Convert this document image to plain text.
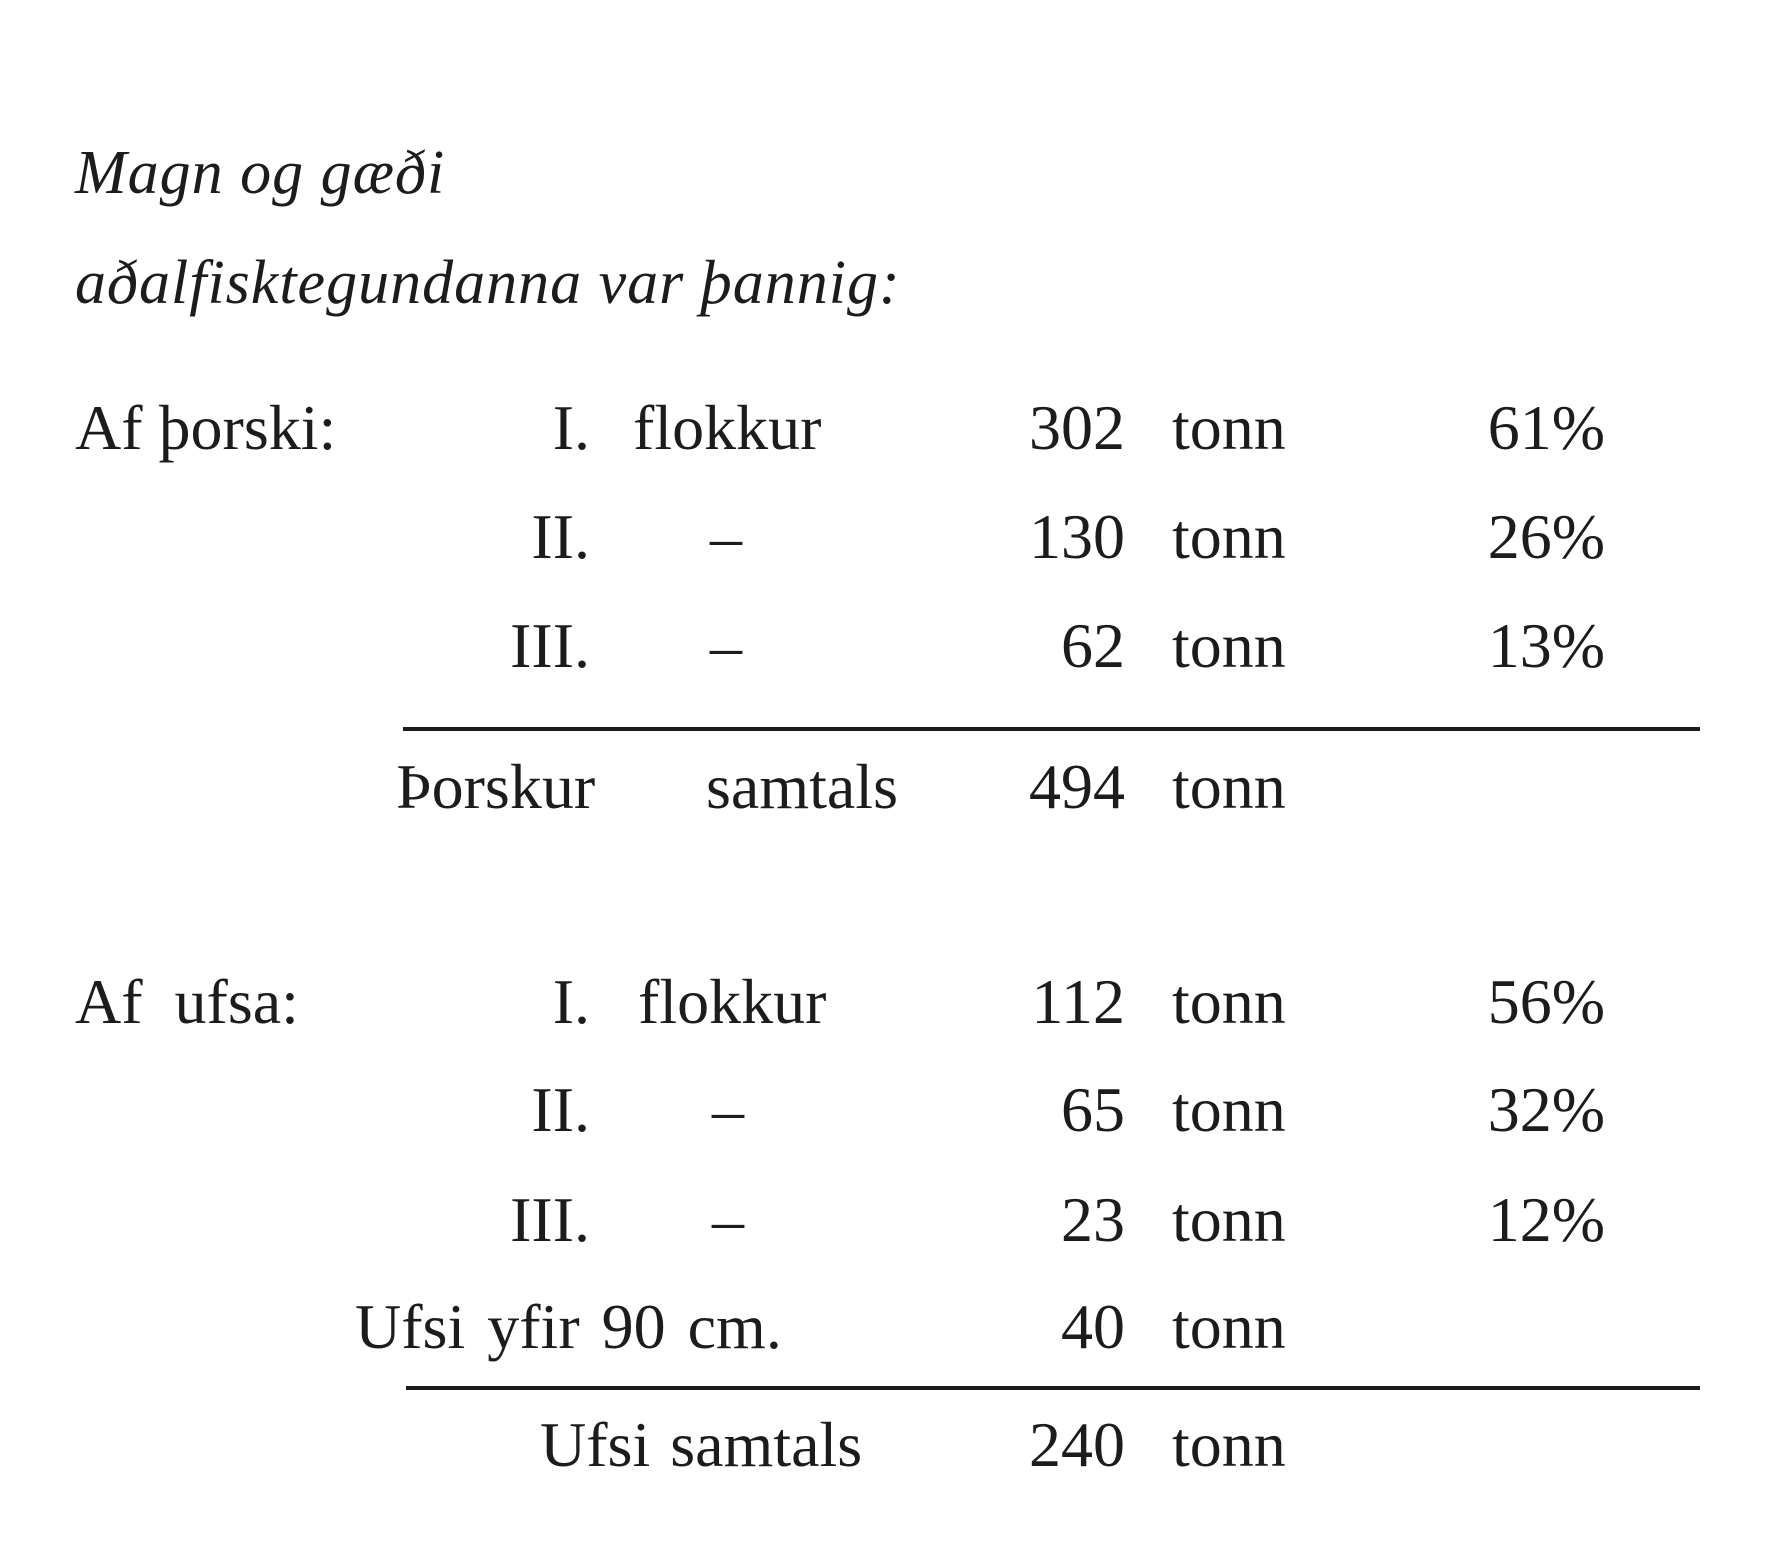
Magn og gæði
aðalfisktegundanna var þannig:
Af þorski:	I. flokkur	302 tonn	61%
II. –	130 tonn	26%
III. –	62 tonn	13%
Þorskur samtals	494 tonn
Af  ufsa:	I. flokkur	112 tonn	56%
II. –	65 tonn	32%
III. –	23 tonn	12%
Ufsi yfir 90 cm.	40 tonn
Ufsi samtals	240 tonn
